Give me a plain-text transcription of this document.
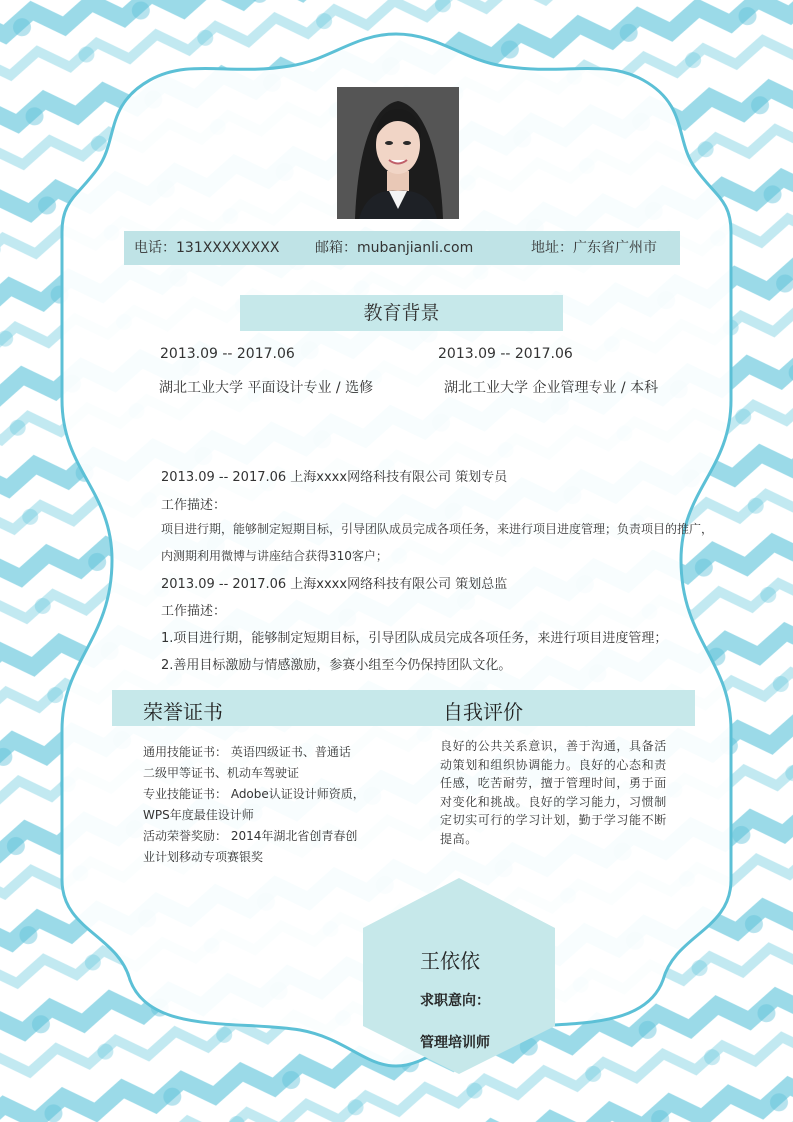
电话：131XXXXXXXX	邮箱：mubanjianli.com	地址：广东省广州市
教育背景
2013.09 -- 2017.06
湖北工业大学 平面设计专业 / 选修
2013.09 -- 2017.06
湖北工业大学 企业管理专业 / 本科
2013.09 -- 2017.06 上海xxxx网络科技有限公司 策划专员
工作描述：
项目进行期，能够制定短期目标，引导团队成员完成各项任务，来进行项目进度管理；负责项目的推广，
内测期利用微博与讲座结合获得310客户；
2013.09 -- 2017.06 上海xxxx网络科技有限公司 策划总监
工作描述：
1.项目进行期，能够制定短期目标，引导团队成员完成各项任务，来进行项目进度管理；
2.善用目标激励与情感激励，参赛小组至今仍保持团队文化。
荣誉证书	自我评价
通用技能证书： 英语四级证书、普通话
二级甲等证书、机动车驾驶证
专业技能证书： Adobe认证设计师资质，
WPS年度最佳设计师
活动荣誉奖励： 2014年湖北省创青春创
业计划移动专项赛银奖
良好的公共关系意识，善于沟通，具备活
动策划和组织协调能力。良好的心态和责
任感，吃苦耐劳，擅于管理时间，勇于面
对变化和挑战。良好的学习能力，习惯制
定切实可行的学习计划，勤于学习能不断
提高。
王依依
求职意向：
管理培训师
